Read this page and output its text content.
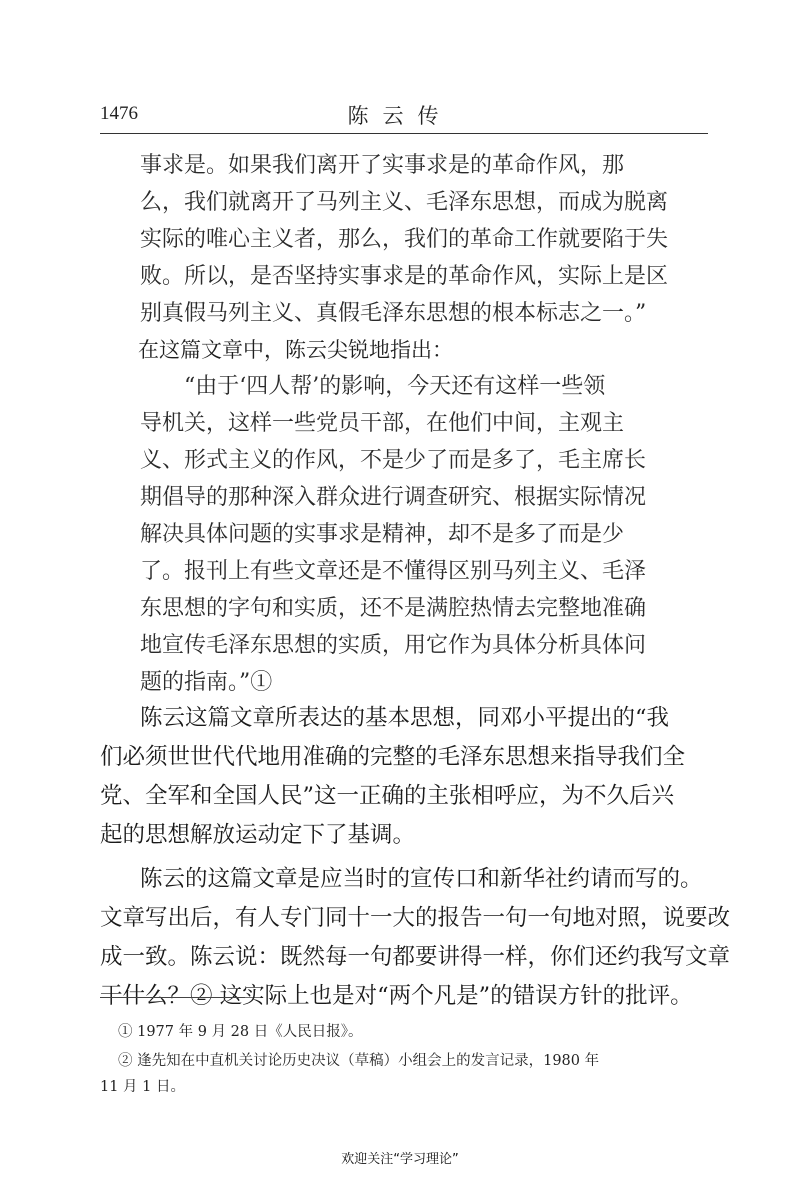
1476	陈云传
事求是。如果我们离开了实事求是的革命作风，那
么，我们就离开了马列主义、毛泽东思想，而成为脱离
实际的唯心主义者，那么，我们的革命工作就要陷于失
败。所以，是否坚持实事求是的革命作风，实际上是区
别真假马列主义、真假毛泽东思想的根本标志之一。”
在这篇文章中，陈云尖锐地指出：
“由于‘四人帮’的影响，今天还有这样一些领
导机关，这样一些党员干部，在他们中间，主观主
义、形式主义的作风，不是少了而是多了，毛主席长
期倡导的那种深入群众进行调查研究、根据实际情况
解决具体问题的实事求是精神，却不是多了而是少
了。报刊上有些文章还是不懂得区别马列主义、毛泽
东思想的字句和实质，还不是满腔热情去完整地准确
地宣传毛泽东思想的实质，用它作为具体分析具体问
题的指南。”①
陈云这篇文章所表达的基本思想，同邓小平提出的“我
们必须世世代代地用准确的完整的毛泽东思想来指导我们全
党、全军和全国人民”这一正确的主张相呼应，为不久后兴
起的思想解放运动定下了基调。
陈云的这篇文章是应当时的宣传口和新华社约请而写的。
文章写出后，有人专门同十一大的报告一句一句地对照，说要改
成一致。陈云说：既然每一句都要讲得一样，你们还约我写文章
干什么？② 这实际上也是对“两个凡是”的错误方针的批评。
① 1977 年 9 月 28 日《人民日报》。
② 逢先知在中直机关讨论历史决议（草稿）小组会上的发言记录，1980 年
11 月 1 日。
欢迎关注“学习理论”
